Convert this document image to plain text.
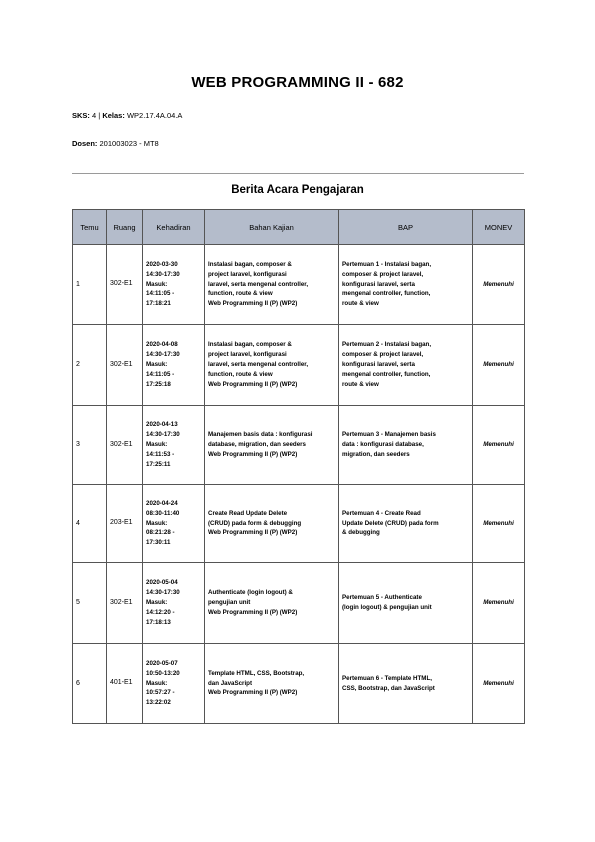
WEB PROGRAMMING II - 682
SKS: 4 | Kelas: WP2.17.4A.04.A
Dosen: 201003023 - MT8
Berita Acara Pengajaran
Temu	Ruang	Kehadiran	Bahan Kajian	BAP	MONEV
1	302-E1	2020-03-30
14:30-17:30
Masuk:
14:11:05 -
17:18:21	Instalasi bagan, composer &
project laravel, konfigurasi
laravel, serta mengenal controller,
function, route & view
Web Programming II (P) (WP2)	Pertemuan 1 - Instalasi bagan,
composer & project laravel,
konfigurasi laravel, serta
mengenal controller, function,
route & view	Memenuhi
2	302-E1	2020-04-08
14:30-17:30
Masuk:
14:11:05 -
17:25:18	Instalasi bagan, composer &
project laravel, konfigurasi
laravel, serta mengenal controller,
function, route & view
Web Programming II (P) (WP2)	Pertemuan 2 - Instalasi bagan,
composer & project laravel,
konfigurasi laravel, serta
mengenal controller, function,
route & view	Memenuhi
3	302-E1	2020-04-13
14:30-17:30
Masuk:
14:11:53 -
17:25:11	Manajemen basis data : konfigurasi
database, migration, dan seeders
Web Programming II (P) (WP2)	Pertemuan 3 - Manajemen basis
data : konfigurasi database,
migration, dan seeders	Memenuhi
4	203-E1	2020-04-24
08:30-11:40
Masuk:
08:21:28 -
17:30:11	Create Read Update Delete
(CRUD) pada form & debugging
Web Programming II (P) (WP2)	Pertemuan 4 - Create Read
Update Delete (CRUD) pada form
& debugging	Memenuhi
5	302-E1	2020-05-04
14:30-17:30
Masuk:
14:12:20 -
17:18:13	Authenticate (login logout) &
pengujian unit
Web Programming II (P) (WP2)	Pertemuan 5 - Authenticate
(login logout) & pengujian unit	Memenuhi
6	401-E1	2020-05-07
10:50-13:20
Masuk:
10:57:27 -
13:22:02	Template HTML, CSS, Bootstrap,
dan JavaScript
Web Programming II (P) (WP2)	Pertemuan 6 - Template HTML,
CSS, Bootstrap, dan JavaScript	Memenuhi
